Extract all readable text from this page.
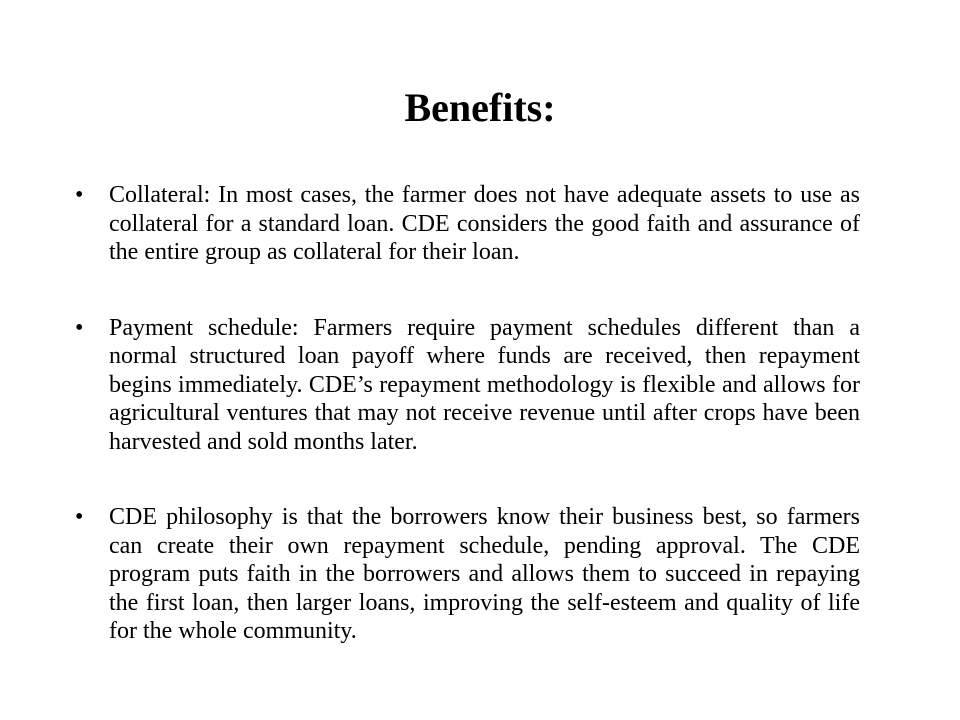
Benefits:
•	Collateral: In most cases, the farmer does not have adequate assets to use as collateral for a standard loan. CDE considers the good faith and assurance of the entire group as collateral for their loan.
•	Payment schedule: Farmers require payment schedules different than a normal structured loan payoff where funds are received, then repayment begins immediately. CDE’s repayment methodology is flexible and allows for agricultural ventures that may not receive revenue until after crops have been harvested and sold months later.
•	CDE philosophy is that the borrowers know their business best, so farmers can create their own repayment schedule, pending approval. The CDE program puts faith in the borrowers and allows them to succeed in repaying the first loan, then larger loans, improving the self-esteem and quality of life for the whole community.
